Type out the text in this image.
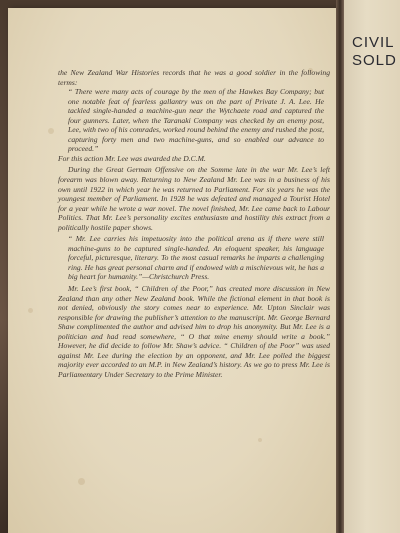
CIVIL
SOLD

the New Zealand War Histories records that he was a good soldier in the following terms:

“ There were many acts of courage by the men of the Hawkes Bay Company; but one notable feat of fearless gallantry was on the part of Private J. A. Lee. He tackled single-handed a machine-gun near the Wytchaete road and captured the four gunners. Later, when the Taranaki Company was checked by an enemy post, Lee, with two of his comrades, worked round behind the enemy and rushed the post, capturing forty men and two machine-guns, and so enabled our advance to proceed.”

For this action Mr. Lee was awarded the D.C.M.

During the Great German Offensive on the Somme late in the war Mr. Lee’s left forearm was blown away. Returning to New Zealand Mr. Lee was in a business of his own until 1922 in which year he was returned to Parliament. For six years he was the youngest member of Parliament. In 1928 he was defeated and managed a Tourist Hotel for a year while he wrote a war novel. The novel finished, Mr. Lee came back to Labour Politics. That Mr. Lee’s personality excites enthusiasm and hostility this extract from a politically hostile paper shows.

“ Mr. Lee carries his impetuosity into the political arena as if there were still machine-guns to be captured single-handed. An eloquent speaker, his language forceful, picturesque, literary. To the most casual remarks he imparts a challenging ring. He has great personal charm and if endowed with a mischievous wit, he has a big heart for humanity.”—Christchurch Press.

Mr. Lee’s first book, “ Children of the Poor,” has created more discussion in New Zealand than any other New Zealand book. While the fictional element in that book is not denied, obviously the story comes near to experience. Mr. Upton Sinclair was responsible for drawing the publisher’s attention to the manuscript. Mr. George Bernard Shaw complimented the author and advised him to drop his anonymity. But Mr. Lee is a politician and had read somewhere, “ O that mine enemy should write a book.” However, he did decide to follow Mr. Shaw’s advice. “ Children of the Poor” was used against Mr. Lee during the election by an opponent, and Mr. Lee polled the biggest majority ever accorded to an M.P. in New Zealand’s history. As we go to press Mr. Lee is Parliamentary Under Secretary to the Prime Minister.
